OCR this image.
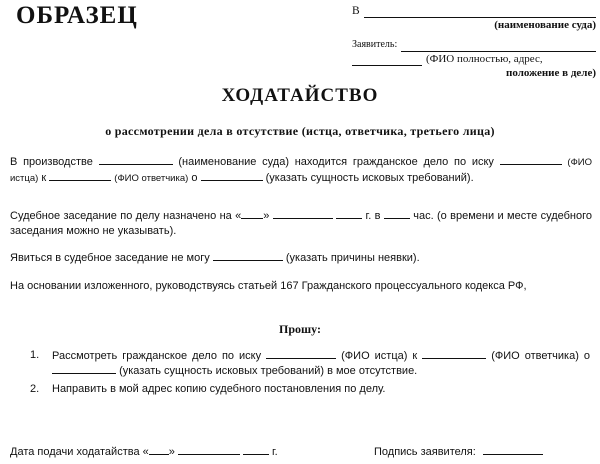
ОБРАЗЕЦ	В
(наименование суда)
Заявитель:
(ФИО полностью, адрес,
положение в деле)
ХОДАТАЙСТВО
о рассмотрении дела в отсутствие (истца, ответчика, третьего лица)
В производстве	(наименование суда) находится гражданское дело по иску	(ФИО истца) к	(ФИО ответчика) о	(указать сущность исковых требований).
Судебное заседание по делу назначено на « »	г. в	час. (о времени и месте судебного заседания можно не указывать).
Явиться в судебное заседание не могу	(указать причины неявки).
На основании изложенного, руководствуясь статьей 167 Гражданского процессуального кодекса РФ,
Прошу:
1.	Рассмотреть гражданское дело по иску	(ФИО истца) к	(ФИО ответчика) о  (указать сущность исковых требований) в мое отсутствие.
2.	Направить в мой адрес копию судебного постановления по делу.
Дата подачи ходатайства « »	г.	Подпись заявителя:
